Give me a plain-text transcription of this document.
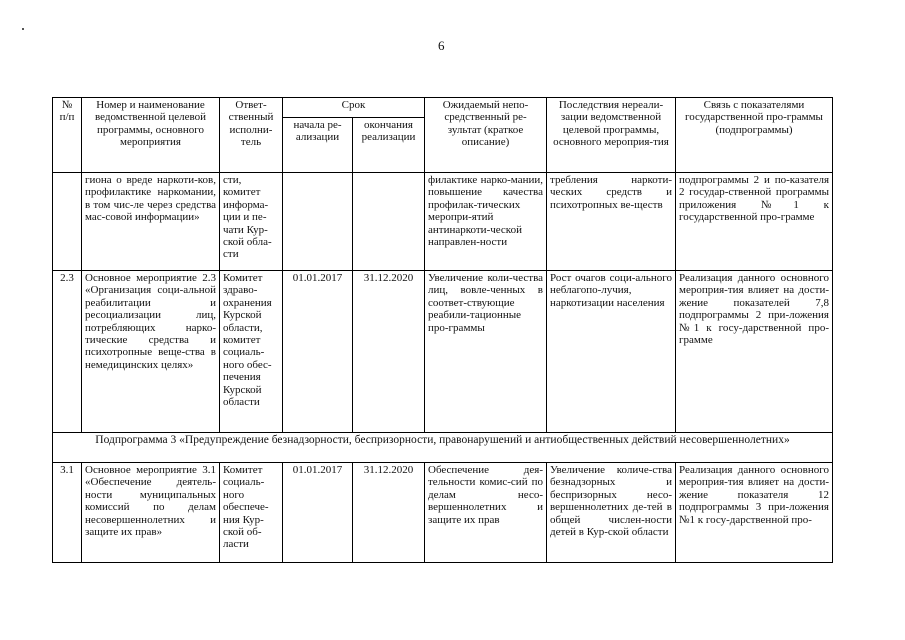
6
№ п/п	Номер и наименование ведомственной целевой программы, основного мероприятия	Ответ-ственный исполни-тель	Срок		Ожидаемый непо-средственный ре-зультат (краткое описание)	Последствия нереали-зации ведомственной целевой программы, основного мероприя-тия	Связь с показателями государственной про-граммы (подпрограммы)
			начала ре-ализации	окончания реализации			
	гиона о вреде наркоти-ков, профилактике наркомании, в том чис-ле через средства мас-совой информации»	сти, комитет информа-ции и пе-чати Кур-ской обла-сти			филактике нарко-мании, повышение качества профилак-тических меропри-ятий антинаркоти-ческой направлен-ности	требления наркоти-ческих средств и психотропных ве-ществ	подпрограммы 2 и по-казателя 2 государ-ственной программы приложения №1 к государственной про-грамме
2.3	Основное мероприятие 2.3 «Организация соци-альной реабилитации и ресоциализации лиц, потребляющих нарко-тические средства и психотропные веще-ства в немедицинских целях»	Комитет здраво-охранения Курской области, комитет социаль-ного обес-печения Курской области	01.01.2017	31.12.2020	Увеличение коли-чества лиц, вовле-ченных в соответ-ствующие реабили-тационные про-граммы	Рост очагов соци-ального неблагопо-лучия, наркотизации населения	Реализация данного основного мероприя-тия влияет на дости-жение показателей 7,8 подпрограммы 2 при-ложения №1 к госу-дарственной про-грамме
Подпрограмма 3 «Предупреждение безнадзорности, беспризорности, правонарушений и антиобщественных действий несовершеннолетних»							
3.1	Основное мероприятие 3.1 «Обеспечение деятель-ности муниципальных комиссий по делам несовершеннолетних и защите их прав»	Комитет социаль-ного обеспече-ния Кур-ской об-ласти	01.01.2017	31.12.2020	Обеспечение дея-тельности комис-сий по делам несо-вершеннолетних и защите их прав	Увеличение количе-ства безнадзорных и беспризорных несо-вершеннолетних де-тей в общей числен-ности детей в Кур-ской области	Реализация данного основного мероприя-тия влияет на дости-жение показателя 12 подпрограммы 3 при-ложения №1 к госу-дарственной про-
